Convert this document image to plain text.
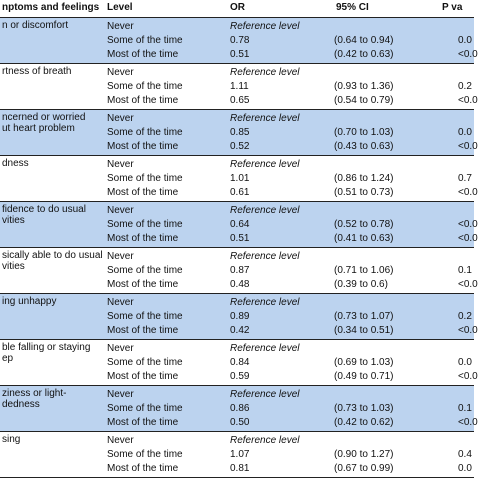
nptoms and feelings Level	OR	95% CI	P va
n or discomfort	Never	Reference level
Some of the time	0.78	(0.64 to 0.94)	0.0
Most of the time	0.51	(0.42 to 0.63)	<0.0
rtness of breath	Never	Reference level
Some of the time	1.11	(0.93 to 1.36)	0.2
Most of the time	0.65	(0.54 to 0.79)	<0.0
ncerned or worried
ut heart problem
Never	Reference level
Some of the time	0.85	(0.70 to 1.03)	0.0
Most of the time	0.52	(0.43 to 0.63)	<0.0
dness	Never	Reference level
Some of the time	1.01	(0.86 to 1.24)	0.7
Most of the time	0.61	(0.51 to 0.73)	<0.0
fidence to do usual
vities
Never	Reference level
Some of the time	0.64	(0.52 to 0.78)	<0.0
Most of the time	0.51	(0.41 to 0.63)	<0.0
sically able to do usual
vities
Never	Reference level
Some of the time	0.87	(0.71 to 1.06)	0.1
Most of the time	0.48	(0.39 to 0.6)	<0.0
ing unhappy	Never	Reference level
Some of the time	0.89	(0.73 to 1.07)	0.2
Most of the time	0.42	(0.34 to 0.51)	<0.0
ble falling or staying
ep
Never	Reference level
Some of the time	0.84	(0.69 to 1.03)	0.0
Most of the time	0.59	(0.49 to 0.71)	<0.0
ziness or light-
dedness
Never	Reference level
Some of the time	0.86	(0.73 to 1.03)	0.1
Most of the time	0.50	(0.42 to 0.62)	<0.0
sing	Never	Reference level
Some of the time	1.07	(0.90 to 1.27)	0.4
Most of the time	0.81	(0.67 to 0.99)	0.0
